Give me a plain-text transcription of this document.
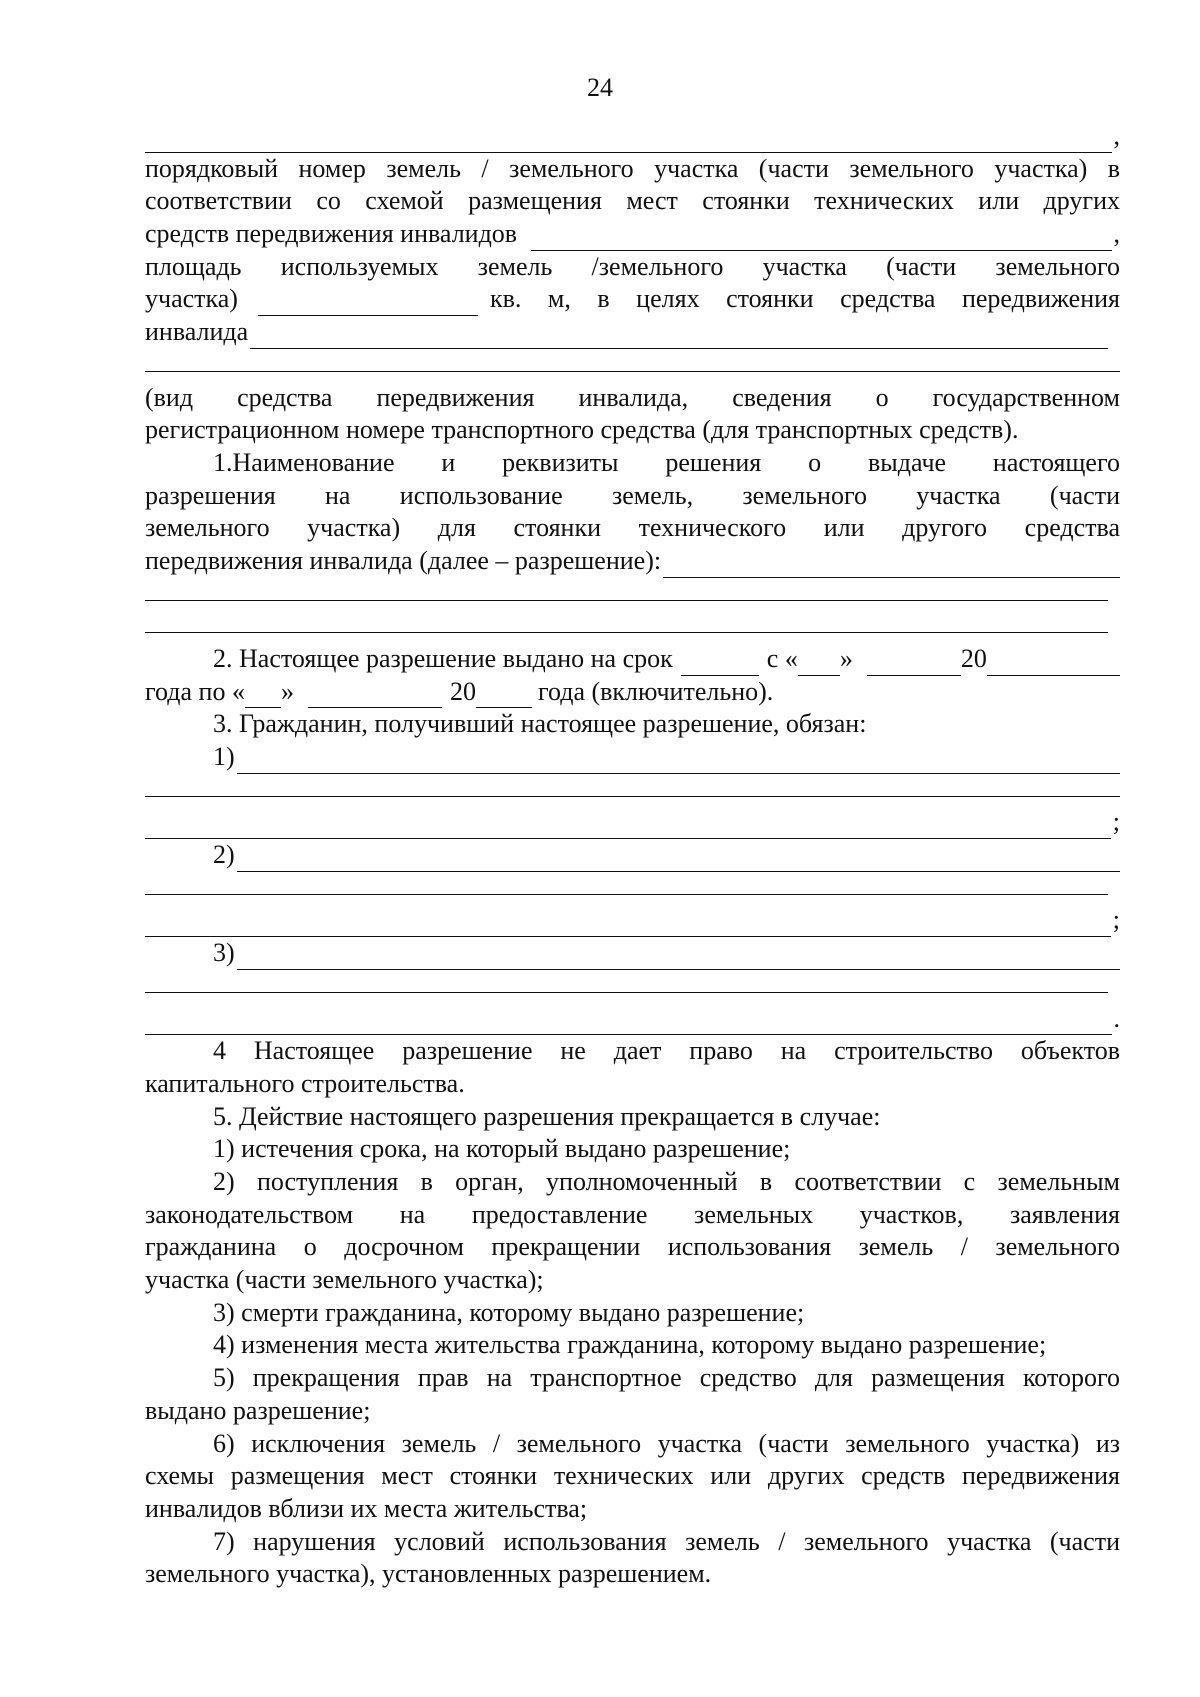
24
,
порядковый номер земель / земельного участка (части земельного участка) в
соответствии со схемой размещения мест стоянки технических или других
средств передвижения инвалидов	,
площадь используемых земель /земельного участка (части земельного
участка)	кв. м, в целях стоянки средства передвижения
инвалида
(вид средства передвижения инвалида, сведения о государственном
регистрационном номере транспортного средства (для транспортных средств).
1.Наименование и реквизиты решения о выдаче настоящего
разрешения на использование земель, земельного участка (части
земельного участка) для стоянки технического или другого средства
передвижения инвалида (далее – разрешение):
2. Настоящее разрешение выдано на срок	с « »	20
года по « »	20 года (включительно).
3. Гражданин, получивший настоящее разрешение, обязан:
1)
;
2)
;
3)
.
4 Настоящее разрешение не дает право на строительство объектов
капитального строительства.
5. Действие настоящего разрешения прекращается в случае:
1) истечения срока, на который выдано разрешение;
2) поступления в орган, уполномоченный в соответствии с земельным
законодательством на предоставление земельных участков, заявления
гражданина о досрочном прекращении использования земель / земельного
участка (части земельного участка);
3) смерти гражданина, которому выдано разрешение;
4) изменения места жительства гражданина, которому выдано разрешение;
5) прекращения прав на транспортное средство для размещения которого
выдано разрешение;
6) исключения земель / земельного участка (части земельного участка) из
схемы размещения мест стоянки технических или других средств передвижения
инвалидов вблизи их места жительства;
7) нарушения условий использования земель / земельного участка (части
земельного участка), установленных разрешением.
